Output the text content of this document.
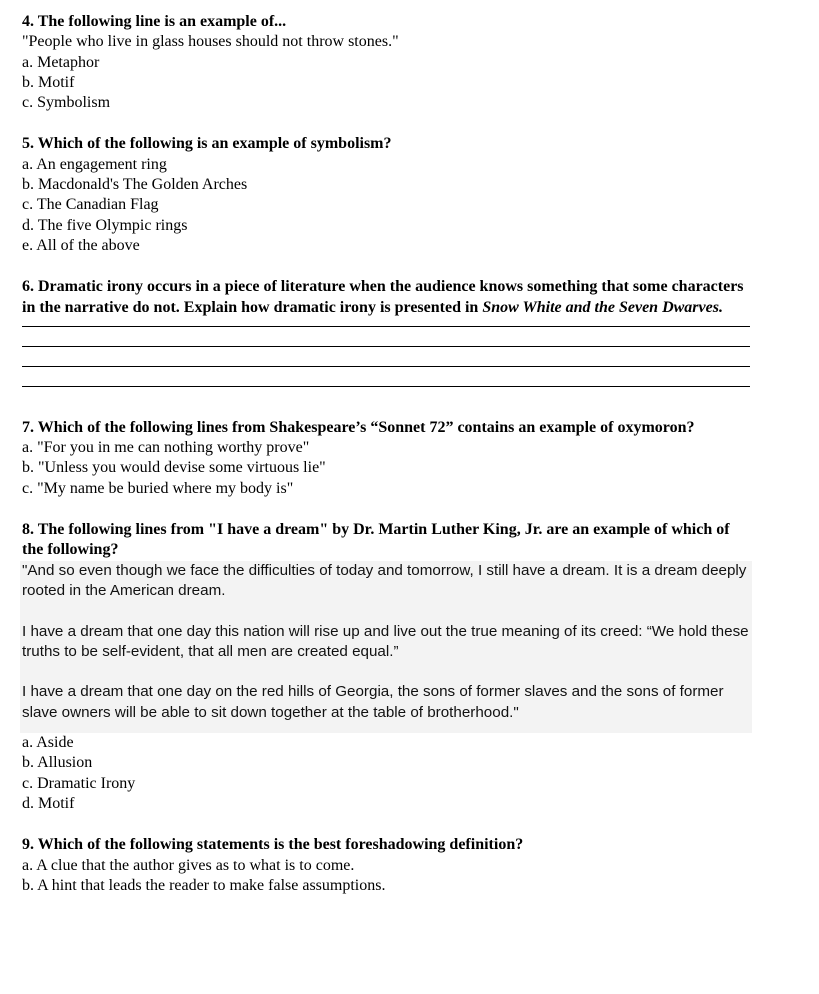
4. The following line is an example of...
"People who live in glass houses should not throw stones."
a. Metaphor
b. Motif
c. Symbolism
5. Which of the following is an example of symbolism?
a. An engagement ring
b. Macdonald's The Golden Arches
c. The Canadian Flag
d. The five Olympic rings
e. All of the above
6. Dramatic irony occurs in a piece of literature when the audience knows something that some characters in the narrative do not. Explain how dramatic irony is presented in Snow White and the Seven Dwarves.
7. Which of the following lines from Shakespeare’s “Sonnet 72” contains an example of oxymoron?
a. "For you in me can nothing worthy prove"
b. "Unless you would devise some virtuous lie"
c. "My name be buried where my body is"
8. The following lines from "I have a dream" by Dr. Martin Luther King, Jr. are an example of which of the following?
"And so even though we face the difficulties of today and tomorrow, I still have a dream. It is a dream deeply rooted in the American dream.
I have a dream that one day this nation will rise up and live out the true meaning of its creed: “We hold these truths to be self-evident, that all men are created equal.”
I have a dream that one day on the red hills of Georgia, the sons of former slaves and the sons of former slave owners will be able to sit down together at the table of brotherhood."
a. Aside
b. Allusion
c. Dramatic Irony
d. Motif
9. Which of the following statements is the best foreshadowing definition?
a. A clue that the author gives as to what is to come.
b. A hint that leads the reader to make false assumptions.
